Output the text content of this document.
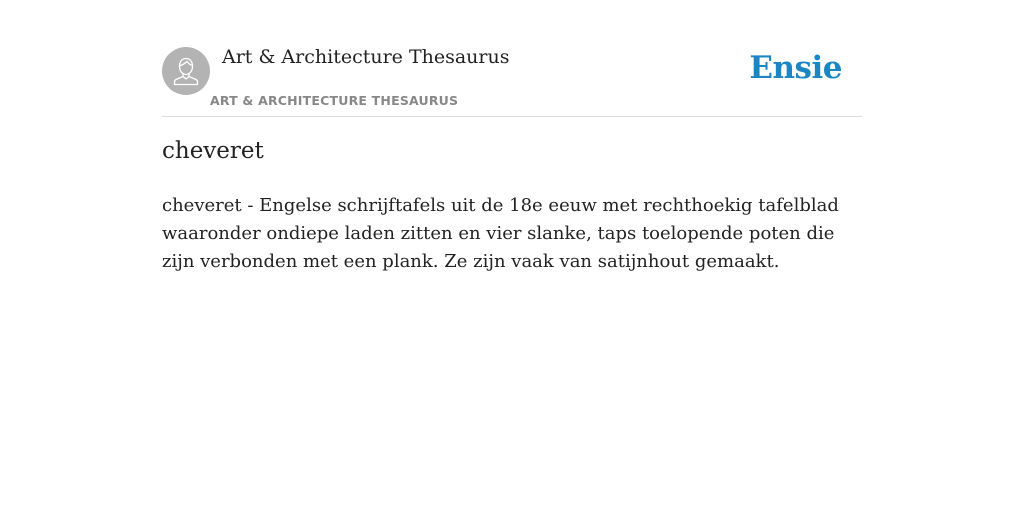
Art & Architecture Thesaurus
ART & ARCHITECTURE THESAURUS
Ensie
cheveret

cheveret - Engelse schrijftafels uit de 18e eeuw met rechthoekig tafelblad waaronder ondiepe laden zitten en vier slanke, taps toelopende poten die zijn verbonden met een plank. Ze zijn vaak van satijnhout gemaakt.
